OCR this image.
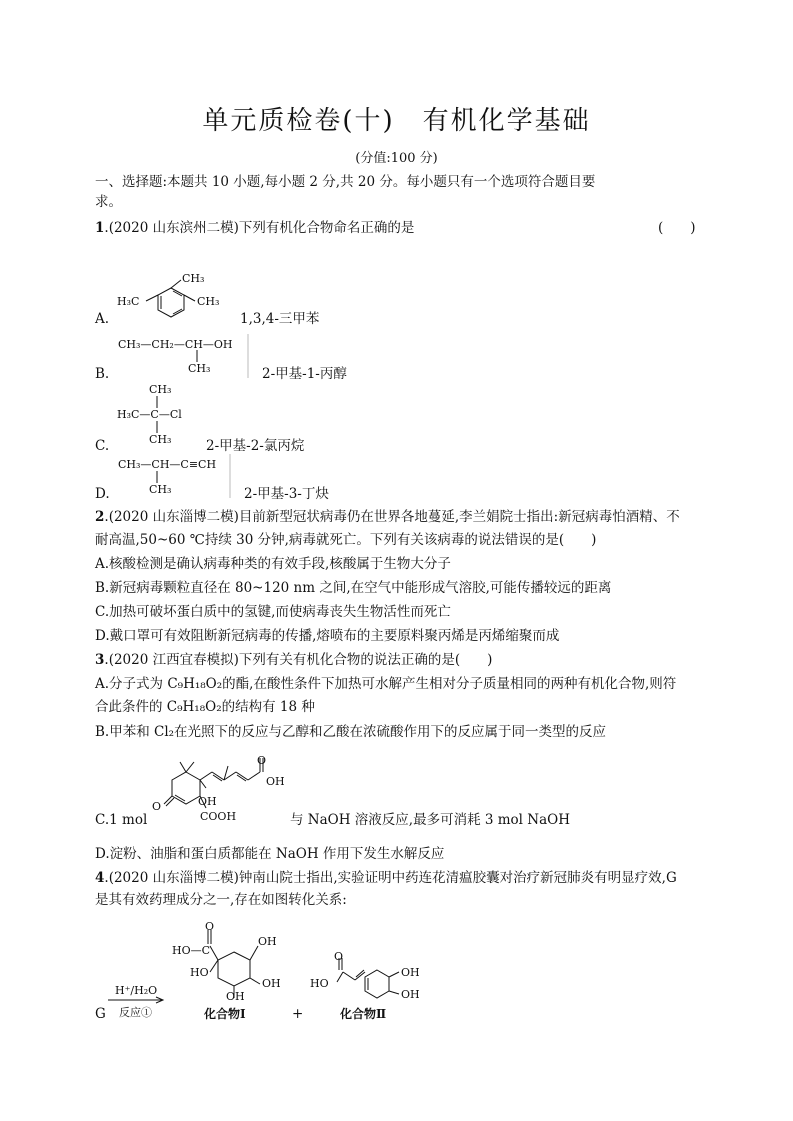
单元质检卷(十)　有机化学基础
(分值:100 分)
一、选择题:本题共 10 小题,每小题 2 分,共 20 分。每小题只有一个选项符合题目要
求。
1.(2020 山东滨州二模)下列有机化合物命名正确的是	(　　)
A.
H₃C
CH₃
CH₃
1,3,4-三甲苯
B.
CH₃—CH₂—CH—OH
CH₃	2-甲基-1-丙醇
C.
CH₃
H₃C—C—Cl
CH₃	2-甲基-2-氯丙烷
D.
CH₃—CH—C≡CH
CH₃	2-甲基-3-丁炔
2.(2020 山东淄博二模)目前新型冠状病毒仍在世界各地蔓延,李兰娟院士指出:新冠病毒怕酒精、不
耐高温,50~60 ℃持续 30 分钟,病毒就死亡。下列有关该病毒的说法错误的是(　　)
A.核酸检测是确认病毒种类的有效手段,核酸属于生物大分子
B.新冠病毒颗粒直径在 80~120 nm 之间,在空气中能形成气溶胶,可能传播较远的距离
C.加热可破坏蛋白质中的氢键,而使病毒丧失生物活性而死亡
D.戴口罩可有效阻断新冠病毒的传播,熔喷布的主要原料聚丙烯是丙烯缩聚而成
3.(2020 江西宜春模拟)下列有关有机化合物的说法正确的是(　　)
A.分子式为 C₉H₁₈O₂的酯,在酸性条件下加热可水解产生相对分子质量相同的两种有机化合物,则符
合此条件的 C₉H₁₈O₂的结构有 18 种
B.甲苯和 Cl₂在光照下的反应与乙醇和乙酸在浓硫酸作用下的反应属于同一类型的反应
C.1 mol
O
OH
OH
O
COOH	与 NaOH 溶液反应,最多可消耗 3 mol NaOH
D.淀粉、油脂和蛋白质都能在 NaOH 作用下发生水解反应
4.(2020 山东淄博二模)钟南山院士指出,实验证明中药连花清瘟胶囊对治疗新冠肺炎有明显疗效,G
是其有效药理成分之一,存在如图转化关系:
G
H⁺/H₂O
反应①
O
HO—C
OH
HO
OH
OH
化合物Ⅰ	+
O
HO
OH
OH
化合物Ⅱ
